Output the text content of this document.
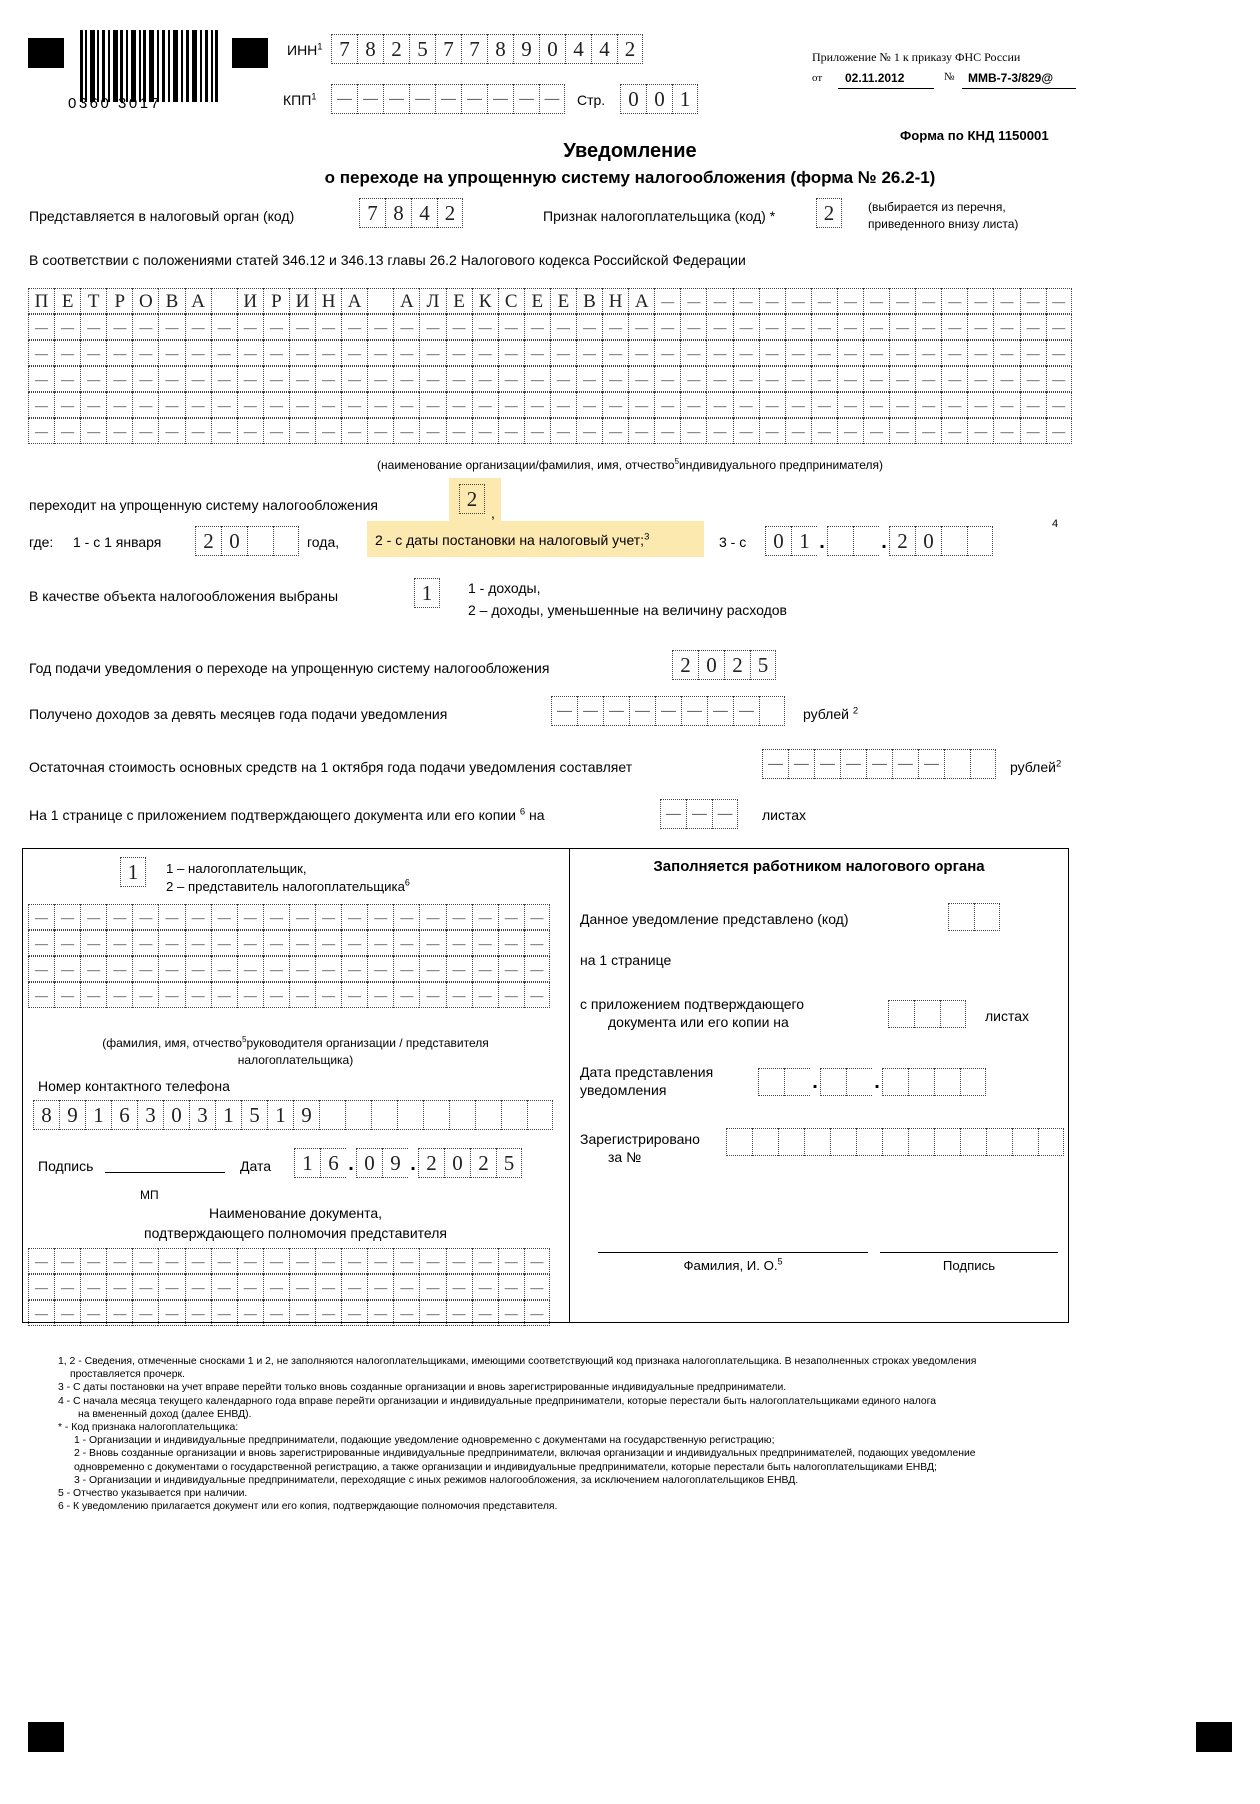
0360 3017
ИНН$^1$ 7 8 2 5 7 7 8 9 0 4 4 2
КПП$^1$	— — — — — — — — —	Стр.	0 0 1
Приложение № 1 к приказу ФНС России
от 02.11.2012	№ ММВ-7-3/829@
Форма по КНД 1150001
Уведомление
о переходе на упрощенную систему налогообложения (форма № 26.2-1)
Представляется в налоговый орган (код)	7 8 4 2	Признак налогоплательщика (код) *	2	(выбирается из перечня,
приведенного внизу листа)
В соответствии с положениями статей 346.12 и 346.13 главы 26.2 Налогового кодекса Российской Федерации
П Е Т Р О В А	И Р И Н А	А Л Е К С Е Е В Н А —	—	—	—	—	—	—	—	—	—	—	—	—	—	— —
—	—	—	—	—	—	—	—	—	—	—	—	—	—	—	—	—	—	—	—	—	—	—	—	—	—	—	—	—	—	—	—	—	—	—	—	—	—	— —
—	—	—	—	—	—	—	—	—	—	—	—	—	—	—	—	—	—	—	—	—	—	—	—	—	—	—	—	—	—	—	—	—	—	—	—	—	—	— —
—	—	—	—	—	—	—	—	—	—	—	—	—	—	—	—	—	—	—	—	—	—	—	—	—	—	—	—	—	—	—	—	—	—	—	—	—	—	— —
—	—	—	—	—	—	—	—	—	—	—	—	—	—	—	—	—	—	—	—	—	—	—	—	—	—	—	—	—	—	—	—	—	—	—	—	—	—	— —
—	—	—	—	—	—	—	—	—	—	—	—	—	—	—	—	—	—	—	—	—	—	—	—	—	—	—	—	—	—	—	—	—	—	—	—	—	—	— —
(наименование организации/фамилия, имя, отчество$^5$индивидуального предпринимателя)
переходит на упрощенную систему налогообложения	2
,
где: 1 - с 1 января	2 0	года,	2 - с даты постановки на налоговый учет;$^3$	3 - с	0 1 .	. 2 0
4
В качестве объекта налогообложения выбраны	1	1 - доходы,
2 – доходы, уменьшенные на величину расходов
Год подачи уведомления о переходе на упрощенную систему налогообложения	2 0 2 5
Получено доходов за девять месяцев года подачи уведомления	— — — — — — — —	рублей $^2$
Остаточная стоимость основных средств на 1 октября года подачи уведомления составляет	— — — — — — —	рублей$^2$
На 1 странице с приложением подтверждающего документа или его копии $^6$ на	— — —	листах
1	1 – налогоплательщик,
2 – представитель налогоплательщика$^6$
—	—	—	—	—	—	—	—	—	—	—	—	—	—	—	—	—	—	— —
—	—	—	—	—	—	—	—	—	—	—	—	—	—	—	—	—	—	— —
—	—	—	—	—	—	—	—	—	—	—	—	—	—	—	—	—	—	— —
—	—	—	—	—	—	—	—	—	—	—	—	—	—	—	—	—	—	— —
(фамилия, имя, отчество$^5$руководителя организации / представителя
налогоплательщика)
Номер контактного телефона
8 9 1 6 3 0 3 1 5 1 9
Подпись	Дата	1 6 . 0 9 . 2 0 2 5
МП
Наименование документа,
подтверждающего полномочия представителя
—	—	—	—	—	—	—	—	—	—	—	—	—	—	—	—	—	—	— —
—	—	—	—	—	—	—	—	—	—	—	—	—	—	—	—	—	—	— —
—	—	—	—	—	—	—	—	—	—	—	—	—	—	—	—	—	—	— —
Заполняется работником налогового органа
Данное уведомление представлено (код)
на 1 странице
с приложением подтверждающего
документа или его копии на	листах
Дата представления
уведомления	.	.
Зарегистрировано
за №
Фамилия, И. О.$^5$	Подпись
1, 2 - Сведения, отмеченные сносками 1 и 2, не заполняются налогоплательщиками, имеющими соответствующий код признака налогоплательщика. В незаполненных строках уведомления
проставляется прочерк.
3 - С даты постановки на учет вправе перейти только вновь созданные организации и вновь зарегистрированные индивидуальные предприниматели.
4 - С начала месяца текущего календарного года вправе перейти организации и индивидуальные предприниматели, которые перестали быть налогоплательщиками единого налога
на вмененный доход (далее ЕНВД).
* - Код признака налогоплательщика:
1 - Организации и индивидуальные предприниматели, подающие уведомление одновременно с документами на государственную регистрацию;
2 - Вновь созданные организации и вновь зарегистрированные индивидуальные предприниматели, включая организации и индивидуальных предпринимателей, подающих уведомление
одновременно с документами о государственной регистрацию, а также организации и индивидуальные предприниматели, которые перестали быть налогоплательщиками ЕНВД;
3 - Организации и индивидуальные предприниматели, переходящие с иных режимов налогообложения, за исключением налогоплательщиков ЕНВД.
5 - Отчество указывается при наличии.
6 - К уведомлению прилагается документ или его копия, подтверждающие полномочия представителя.
